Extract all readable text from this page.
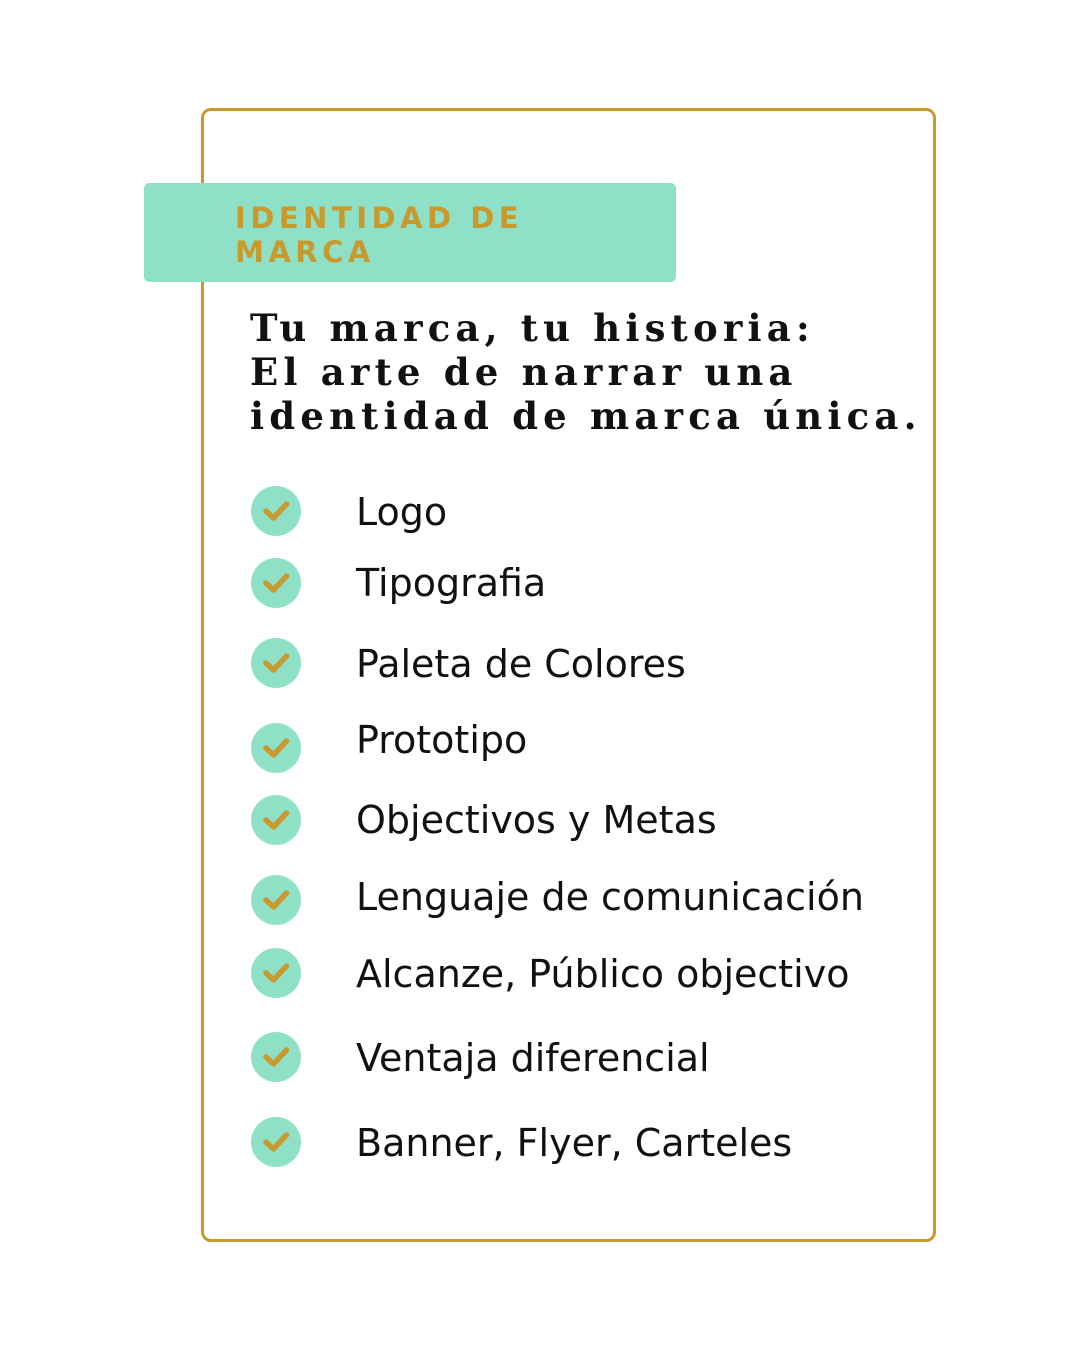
IDENTIDAD DE
MARCA
Tu marca, tu historia:
El arte de narrar una
identidad de marca única.
Logo
Tipografia
Paleta de Colores
Prototipo
Objectivos y Metas
Lenguaje de comunicación
Alcanze, Público objectivo
Ventaja diferencial
Banner, Flyer, Carteles
